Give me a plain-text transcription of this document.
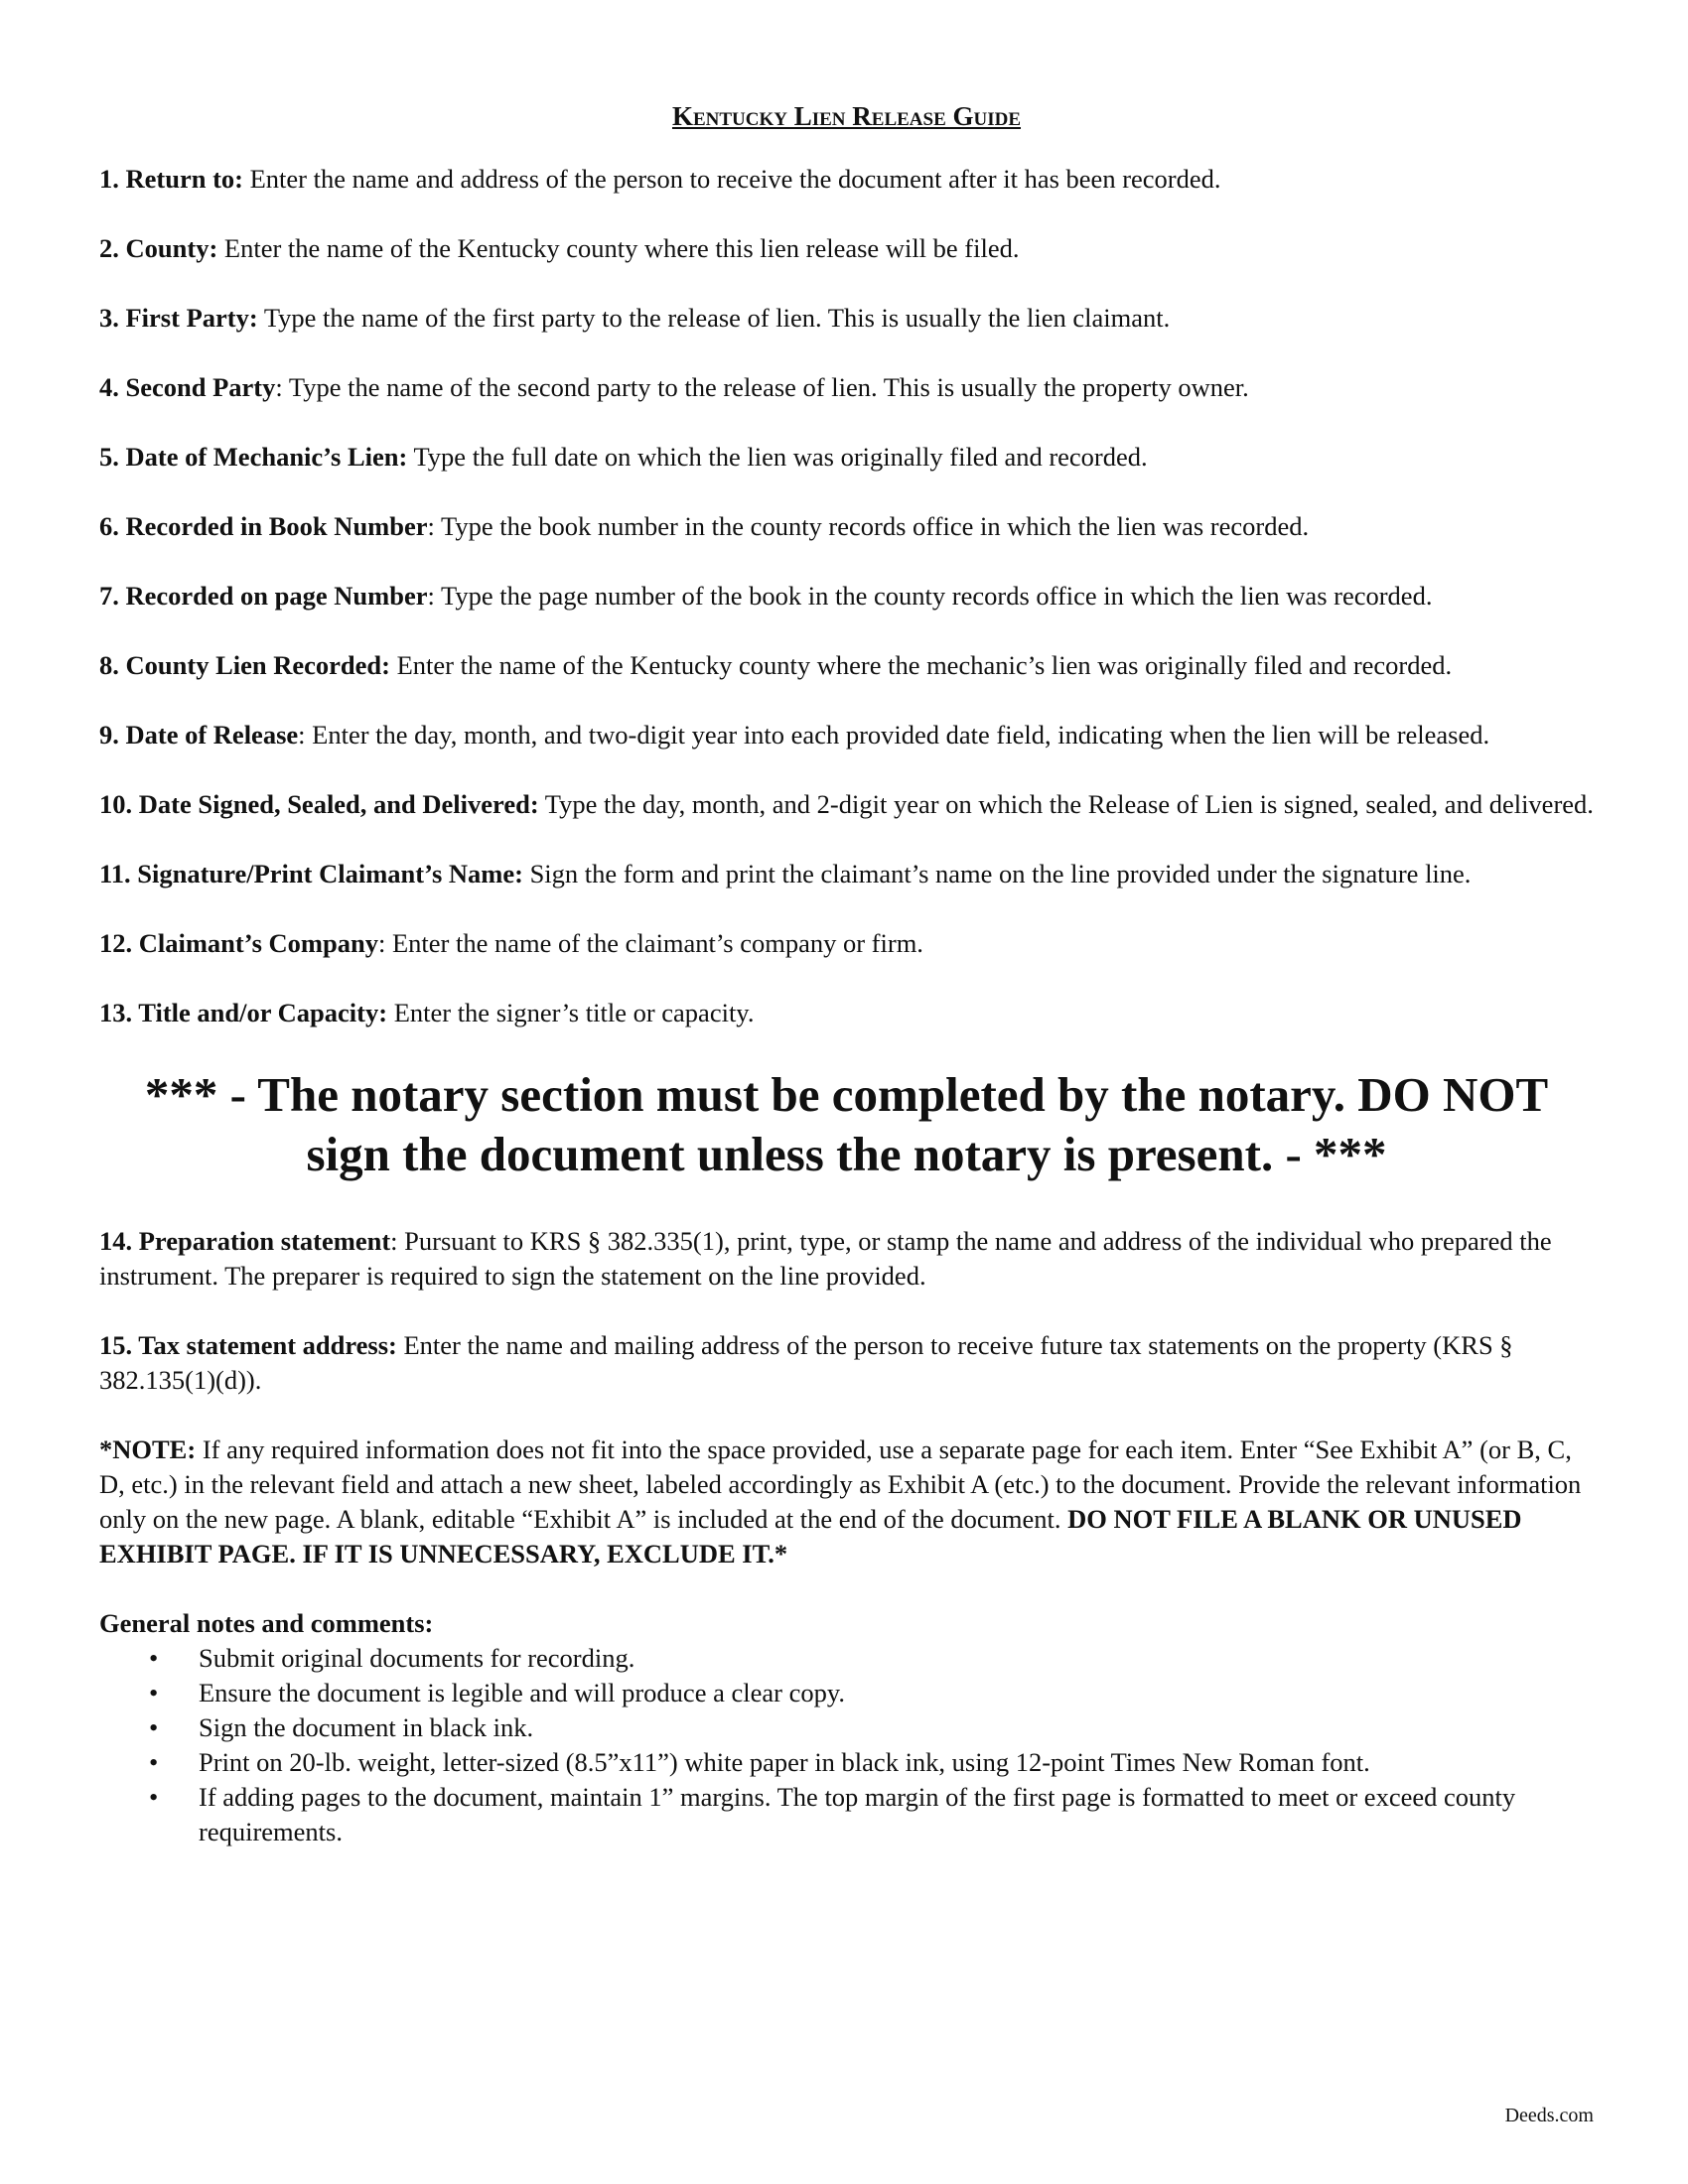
Kentucky Lien Release Guide
1. Return to: Enter the name and address of the person to receive the document after it has been recorded.
2. County: Enter the name of the Kentucky county where this lien release will be filed.
3. First Party: Type the name of the first party to the release of lien. This is usually the lien claimant.
4. Second Party: Type the name of the second party to the release of lien. This is usually the property owner.
5. Date of Mechanic’s Lien: Type the full date on which the lien was originally filed and recorded.
6. Recorded in Book Number: Type the book number in the county records office in which the lien was recorded.
7. Recorded on page Number: Type the page number of the book in the county records office in which the lien was recorded.
8. County Lien Recorded: Enter the name of the Kentucky county where the mechanic’s lien was originally filed and recorded.
9. Date of Release: Enter the day, month, and two-digit year into each provided date field, indicating when the lien will be released.
10. Date Signed, Sealed, and Delivered: Type the day, month, and 2-digit year on which the Release of Lien is signed, sealed, and delivered.
11. Signature/Print Claimant’s Name: Sign the form and print the claimant’s name on the line provided under the signature line.
12. Claimant’s Company: Enter the name of the claimant’s company or firm.
13. Title and/or Capacity: Enter the signer’s title or capacity.
*** - The notary section must be completed by the notary. DO NOT sign the document unless the notary is present. - ***
14. Preparation statement: Pursuant to KRS § 382.335(1), print, type, or stamp the name and address of the individual who prepared the instrument. The preparer is required to sign the statement on the line provided.
15. Tax statement address: Enter the name and mailing address of the person to receive future tax statements on the property (KRS § 382.135(1)(d)).
*NOTE: If any required information does not fit into the space provided, use a separate page for each item. Enter “See Exhibit A” (or B, C, D, etc.) in the relevant field and attach a new sheet, labeled accordingly as Exhibit A (etc.) to the document. Provide the relevant information only on the new page. A blank, editable “Exhibit A” is included at the end of the document. DO NOT FILE A BLANK OR UNUSED EXHIBIT PAGE. IF IT IS UNNECESSARY, EXCLUDE IT.*
General notes and comments:
• Submit original documents for recording.
• Ensure the document is legible and will produce a clear copy.
• Sign the document in black ink.
• Print on 20-lb. weight, letter-sized (8.5”x11”) white paper in black ink, using 12-point Times New Roman font.
• If adding pages to the document, maintain 1” margins. The top margin of the first page is formatted to meet or exceed county requirements.
Deeds.com
